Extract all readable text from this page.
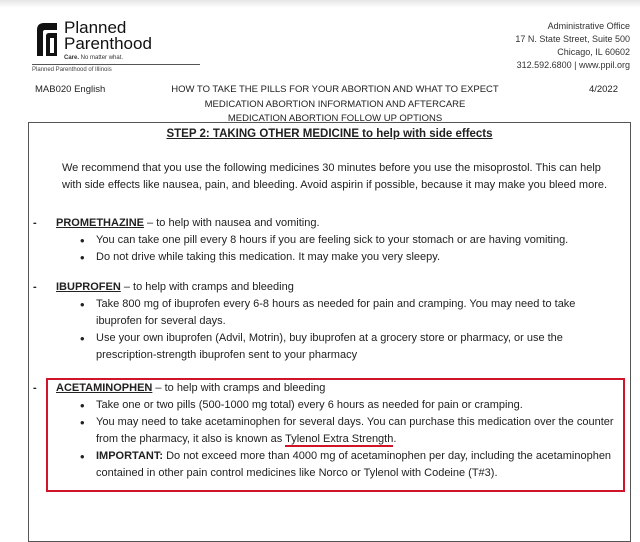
Planned
Parenthood
Care. No matter what.
Planned Parenthood of Illinois
Administrative Office
17 N. State Street, Suite 500
Chicago, IL 60602
312.592.6800 | www.ppil.org
MAB020 English	4/2022
HOW TO TAKE THE PILLS FOR YOUR ABORTION AND WHAT TO EXPECT
MEDICATION ABORTION INFORMATION AND AFTERCARE
MEDICATION ABORTION FOLLOW UP OPTIONS
STEP 2: TAKING OTHER MEDICINE to help with side effects
We recommend that you use the following medicines 30 minutes before you use the misoprostol. This can help with side effects like nausea, pain, and bleeding. Avoid aspirin if possible, because it may make you bleed more.
- PROMETHAZINE – to help with nausea and vomiting.
• You can take one pill every 8 hours if you are feeling sick to your stomach or are having vomiting.
• Do not drive while taking this medication. It may make you very sleepy.
- IBUPROFEN – to help with cramps and bleeding
• Take 800 mg of ibuprofen every 6-8 hours as needed for pain and cramping. You may need to take ibuprofen for several days.
• Use your own ibuprofen (Advil, Motrin), buy ibuprofen at a grocery store or pharmacy, or use the prescription-strength ibuprofen sent to your pharmacy
- ACETAMINOPHEN – to help with cramps and bleeding
• Take one or two pills (500-1000 mg total) every 6 hours as needed for pain or cramping.
• You may need to take acetaminophen for several days. You can purchase this medication over the counter from the pharmacy, it also is known as Tylenol Extra Strength.
• IMPORTANT: Do not exceed more than 4000 mg of acetaminophen per day, including the acetaminophen contained in other pain control medicines like Norco or Tylenol with Codeine (T#3).
